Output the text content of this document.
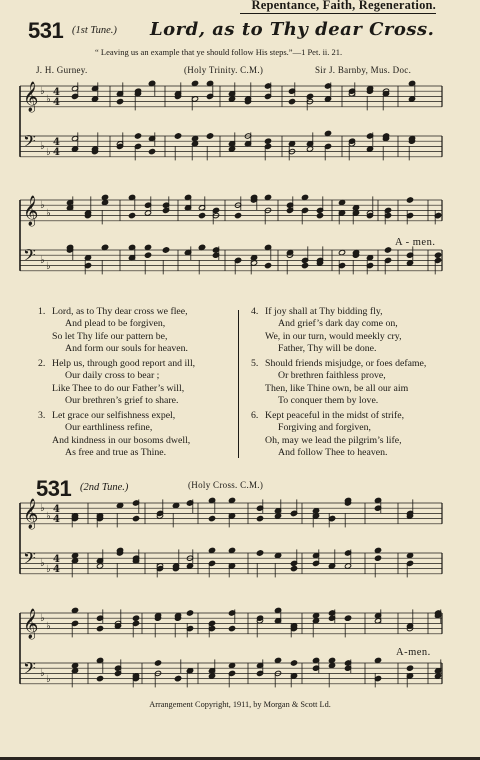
Repentance, Faith, Regeneration.
531 (1st Tune.) Lord, as to Thy dear Cross.
“ Leaving us an example that ye should follow His steps.”—1 Pet. ii. 21.
J. H. Gurney.	(Holy Trinity. C.M.)	Sir J. Barnby, Mus. Doc.
𝄞 ♭
♭
4
4
𝄢 ♭
♭
4
4
𝄞 ♭
♭
𝄢 ♭
♭
A - men.
1. Lord, as to Thy dear cross we flee,
And plead to be forgiven,
So let Thy life our pattern be,
And form our souls for heaven.
2. Help us, through good report and ill,
Our daily cross to bear ;
Like Thee to do our Father’s will,
Our brethren’s grief to share.
3. Let grace our selfishness expel,
Our earthliness refine,
And kindness in our bosoms dwell,
As free and true as Thine.
4. If joy shall at Thy bidding fly,
And grief’s dark day come on,
We, in our turn, would meekly cry,
Father, Thy will be done.
5. Should friends misjudge, or foes defame,
Or brethren faithless prove,
Then, like Thine own, be all our aim
To conquer them by love.
6. Kept peaceful in the midst of strife,
Forgiving and forgiven,
Oh, may we lead the pilgrim’s life,
And follow Thee to heaven.
531 (2nd Tune.)	(Holy Cross. C.M.)
𝄞 ♭
♭
4
4
𝄢 ♭
♭
4
4
𝄞 ♭
♭
𝄢 ♭
♭
A-men.
Arrangement Copyright, 1911, by Morgan & Scott Ld.
